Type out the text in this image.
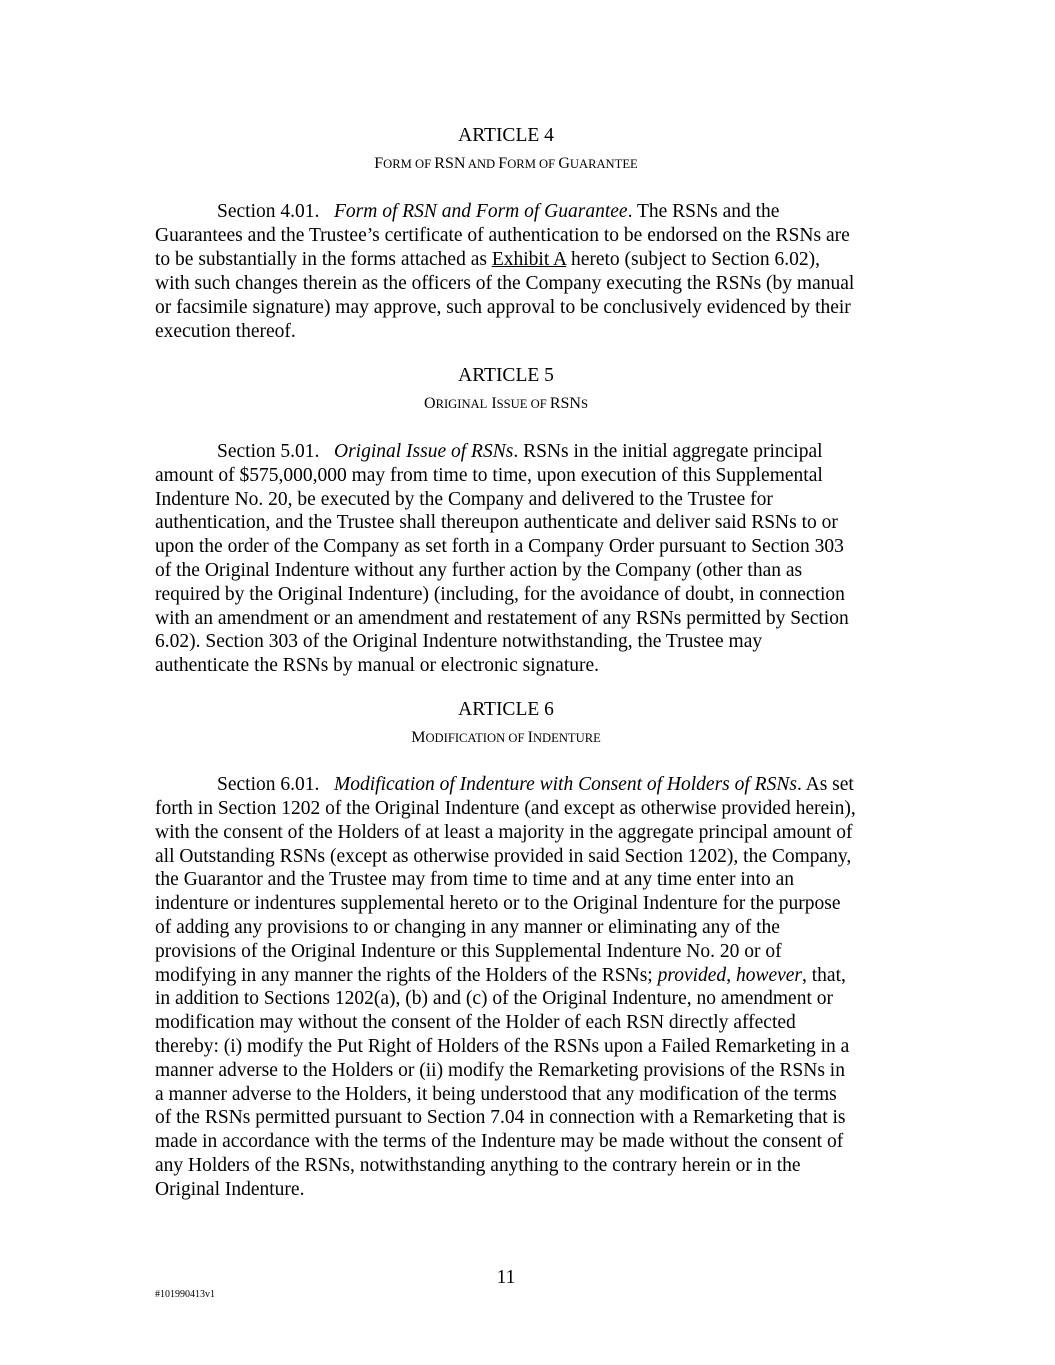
ARTICLE 4
FORM OF RSN AND FORM OF GUARANTEE
Section 4.01. Form of RSN and Form of Guarantee. The RSNs and the
Guarantees and the Trustee’s certificate of authentication to be endorsed on the RSNs are
to be substantially in the forms attached as Exhibit A hereto (subject to Section 6.02),
with such changes therein as the officers of the Company executing the RSNs (by manual
or facsimile signature) may approve, such approval to be conclusively evidenced by their
execution thereof.
ARTICLE 5
ORIGINAL ISSUE OF RSNS
Section 5.01. Original Issue of RSNs. RSNs in the initial aggregate principal
amount of $575,000,000 may from time to time, upon execution of this Supplemental
Indenture No. 20, be executed by the Company and delivered to the Trustee for
authentication, and the Trustee shall thereupon authenticate and deliver said RSNs to or
upon the order of the Company as set forth in a Company Order pursuant to Section 303
of the Original Indenture without any further action by the Company (other than as
required by the Original Indenture) (including, for the avoidance of doubt, in connection
with an amendment or an amendment and restatement of any RSNs permitted by Section
6.02). Section 303 of the Original Indenture notwithstanding, the Trustee may
authenticate the RSNs by manual or electronic signature.
ARTICLE 6
MODIFICATION OF INDENTURE
Section 6.01. Modification of Indenture with Consent of Holders of RSNs. As set
forth in Section 1202 of the Original Indenture (and except as otherwise provided herein),
with the consent of the Holders of at least a majority in the aggregate principal amount of
all Outstanding RSNs (except as otherwise provided in said Section 1202), the Company,
the Guarantor and the Trustee may from time to time and at any time enter into an
indenture or indentures supplemental hereto or to the Original Indenture for the purpose
of adding any provisions to or changing in any manner or eliminating any of the
provisions of the Original Indenture or this Supplemental Indenture No. 20 or of
modifying in any manner the rights of the Holders of the RSNs; provided, however, that,
in addition to Sections 1202(a), (b) and (c) of the Original Indenture, no amendment or
modification may without the consent of the Holder of each RSN directly affected
thereby: (i) modify the Put Right of Holders of the RSNs upon a Failed Remarketing in a
manner adverse to the Holders or (ii) modify the Remarketing provisions of the RSNs in
a manner adverse to the Holders, it being understood that any modification of the terms
of the RSNs permitted pursuant to Section 7.04 in connection with a Remarketing that is
made in accordance with the terms of the Indenture may be made without the consent of
any Holders of the RSNs, notwithstanding anything to the contrary herein or in the
Original Indenture.
11
#101990413v1
